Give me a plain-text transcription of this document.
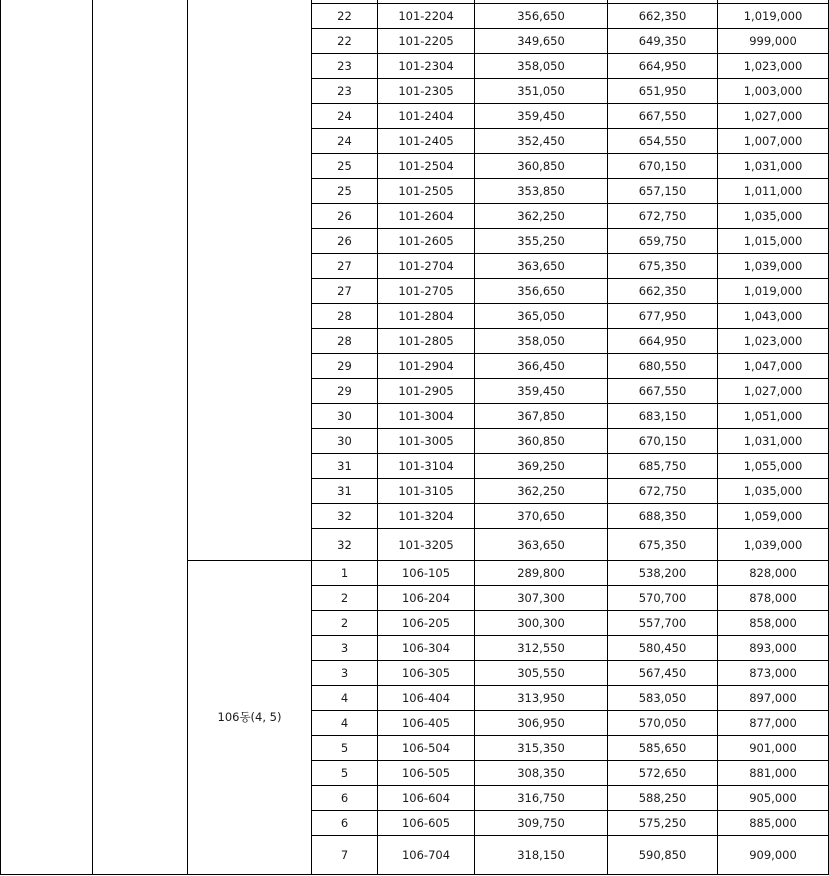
22	101-2204	356,650	662,350	1,019,000
22	101-2205	349,650	649,350	999,000
23	101-2304	358,050	664,950	1,023,000
23	101-2305	351,050	651,950	1,003,000
24	101-2404	359,450	667,550	1,027,000
24	101-2405	352,450	654,550	1,007,000
25	101-2504	360,850	670,150	1,031,000
25	101-2505	353,850	657,150	1,011,000
26	101-2604	362,250	672,750	1,035,000
26	101-2605	355,250	659,750	1,015,000
27	101-2704	363,650	675,350	1,039,000
27	101-2705	356,650	662,350	1,019,000
28	101-2804	365,050	677,950	1,043,000
28	101-2805	358,050	664,950	1,023,000
29	101-2904	366,450	680,550	1,047,000
29	101-2905	359,450	667,550	1,027,000
30	101-3004	367,850	683,150	1,051,000
30	101-3005	360,850	670,150	1,031,000
31	101-3104	369,250	685,750	1,055,000
31	101-3105	362,250	672,750	1,035,000
32	101-3204	370,650	688,350	1,059,000
32	101-3205	363,650	675,350	1,039,000
106동(4, 5)
1	106-105	289,800	538,200	828,000
2	106-204	307,300	570,700	878,000
2	106-205	300,300	557,700	858,000
3	106-304	312,550	580,450	893,000
3	106-305	305,550	567,450	873,000
4	106-404	313,950	583,050	897,000
4	106-405	306,950	570,050	877,000
5	106-504	315,350	585,650	901,000
5	106-505	308,350	572,650	881,000
6	106-604	316,750	588,250	905,000
6	106-605	309,750	575,250	885,000
7	106-704	318,150	590,850	909,000
